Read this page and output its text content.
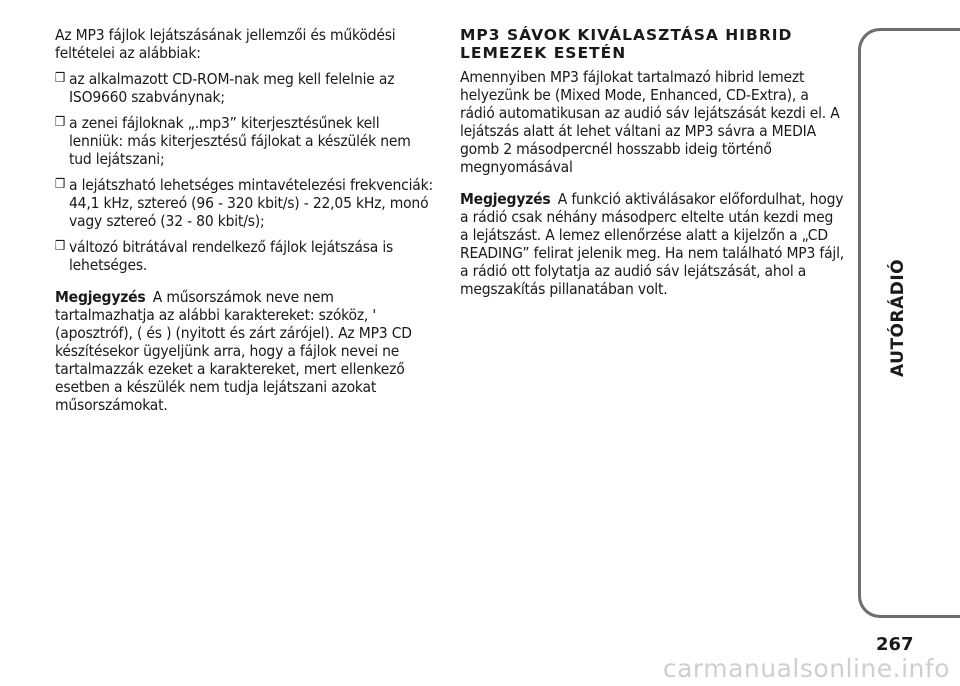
Az MP3 fájlok lejátszásának jellemzői és működési feltételei az alábbiak:

❒ az alkalmazott CD-ROM-nak meg kell felelnie az ISO9660 szabványnak;
❒ a zenei fájloknak „.mp3” kiterjesztésűnek kell lenniük: más kiterjesztésű fájlokat a készülék nem tud lejátszani;
❒ a lejátszható lehetséges mintavételezési frekvenciák: 44,1 kHz, sztereó (96 - 320 kbit/s) - 22,05 kHz, monó vagy sztereó (32 - 80 kbit/s);
❒ változó bitrátával rendelkező fájlok lejátszása is lehetséges.

Megjegyzés A műsorszámok neve nem tartalmazhatja az alábbi karaktereket: szóköz, ' (aposztróf), ( és ) (nyitott és zárt zárójel). Az MP3 CD készítésekor ügyeljünk arra, hogy a fájlok nevei ne tartalmazzák ezeket a karaktereket, mert ellenkező esetben a készülék nem tudja lejátszani azokat műsorszámokat.

MP3 SÁVOK KIVÁLASZTÁSA HIBRID LEMEZEK ESETÉN

Amennyiben MP3 fájlokat tartalmazó hibrid lemezt helyezünk be (Mixed Mode, Enhanced, CD-Extra), a rádió automatikusan az audió sáv lejátszását kezdi el. A lejátszás alatt át lehet váltani az MP3 sávra a MEDIA gomb 2 másodpercnél hosszabb ideig történő megnyomásával

Megjegyzés A funkció aktiválásakor előfordulhat, hogy a rádió csak néhány másodperc eltelte után kezdi meg a lejátszást. A lemez ellenőrzése alatt a kijelzőn a „CD READING” felirat jelenik meg. Ha nem található MP3 fájl, a rádió ott folytatja az audió sáv lejátszását, ahol a megszakítás pillanatában volt.	AUTÓRÁDIÓ
267
carmanualsonline.info
